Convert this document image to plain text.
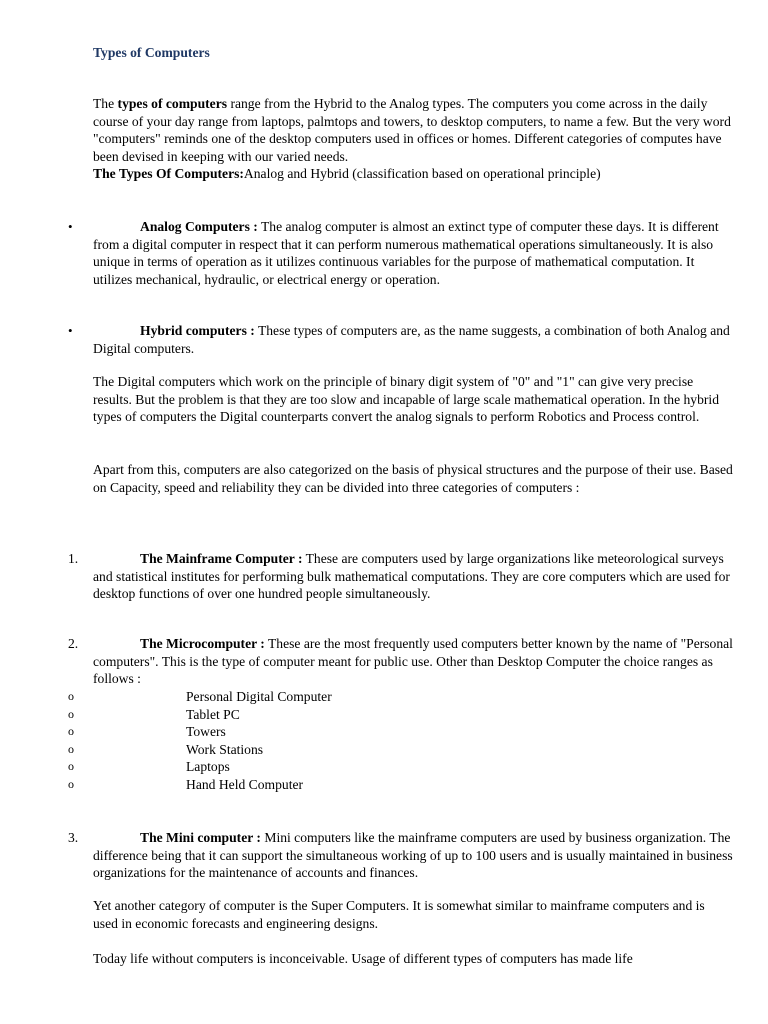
Types of Computers
The types of computers range from the Hybrid to the Analog types. The computers you come across in the daily course of your day range from laptops, palmtops and towers, to desktop computers, to name a few. But the very word "computers" reminds one of the desktop computers used in offices or homes. Different categories of computes have been devised in keeping with our varied needs.
The Types Of Computers:Analog and Hybrid (classification based on operational principle)
•	Analog Computers : The analog computer is almost an extinct type of computer these days. It is different from a digital computer in respect that it can perform numerous mathematical operations simultaneously. It is also unique in terms of operation as it utilizes continuous variables for the purpose of mathematical computation. It utilizes mechanical, hydraulic, or electrical energy or operation.
•	Hybrid computers : These types of computers are, as the name suggests, a combination of both Analog and Digital computers.
The Digital computers which work on the principle of binary digit system of "0" and "1" can give very precise results. But the problem is that they are too slow and incapable of large scale mathematical operation. In the hybrid types of computers the Digital counterparts convert the analog signals to perform Robotics and Process control.
Apart from this, computers are also categorized on the basis of physical structures and the purpose of their use. Based on Capacity, speed and reliability they can be divided into three categories of computers :
1.	The Mainframe Computer : These are computers used by large organizations like meteorological surveys and statistical institutes for performing bulk mathematical computations. They are core computers which are used for desktop functions of over one hundred people simultaneously.
2.	The Microcomputer : These are the most frequently used computers better known by the name of "Personal computers". This is the type of computer meant for public use. Other than Desktop Computer the choice ranges as follows :
o	Personal Digital Computer
o	Tablet PC
o	Towers
o	Work Stations
o	Laptops
o	Hand Held Computer
3.	The Mini computer : Mini computers like the mainframe computers are used by business organization. The difference being that it can support the simultaneous working of up to 100 users and is usually maintained in business organizations for the maintenance of accounts and finances.
Yet another category of computer is the Super Computers. It is somewhat similar to mainframe computers and is used in economic forecasts and engineering designs.
Today life without computers is inconceivable. Usage of different types of computers has made life
